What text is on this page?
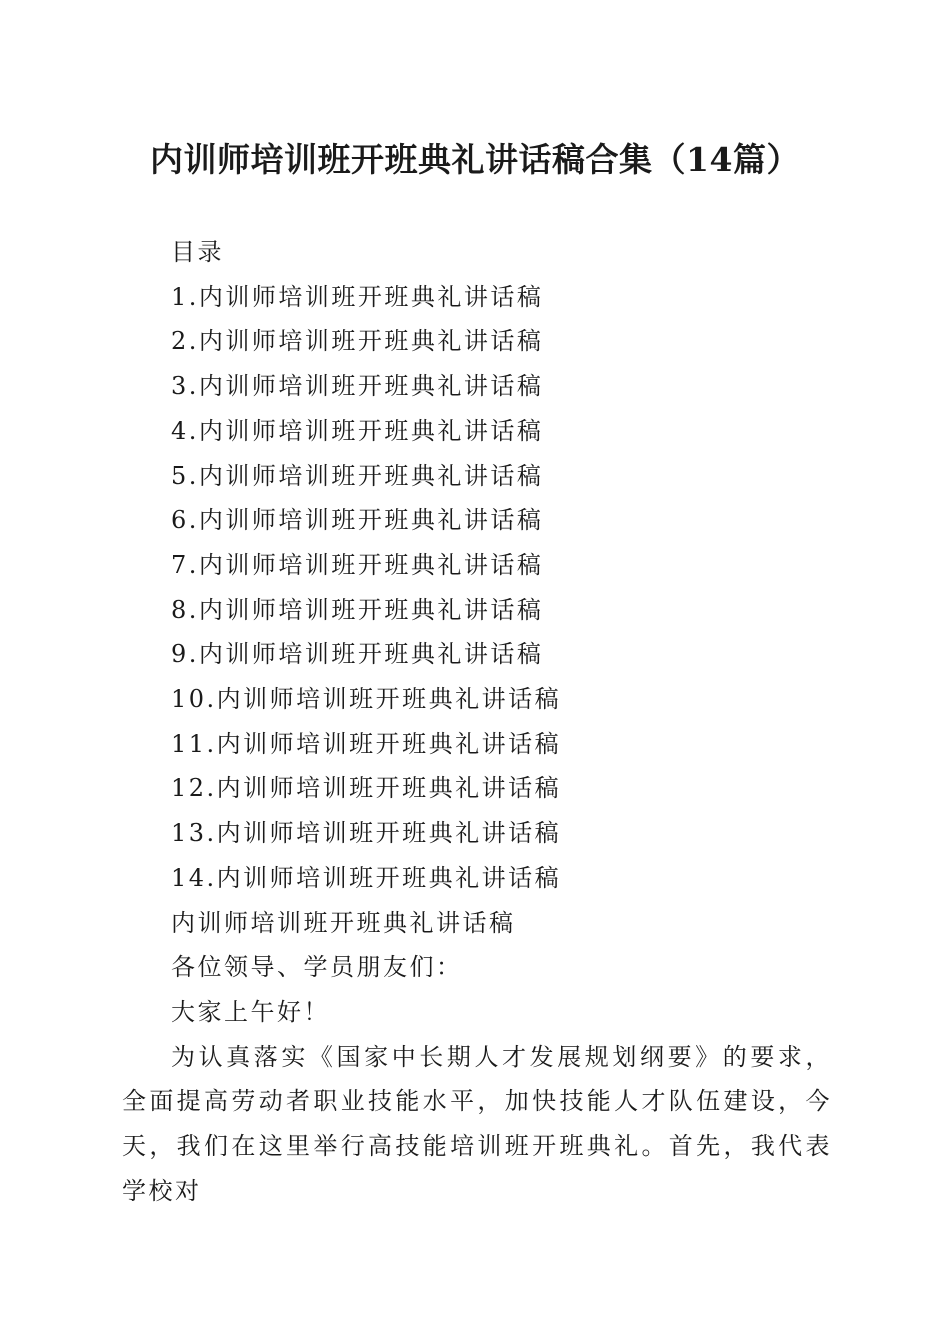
内训师培训班开班典礼讲话稿合集（14篇）

目录

1.内训师培训班开班典礼讲话稿

2.内训师培训班开班典礼讲话稿

3.内训师培训班开班典礼讲话稿

4.内训师培训班开班典礼讲话稿

5.内训师培训班开班典礼讲话稿

6.内训师培训班开班典礼讲话稿

7.内训师培训班开班典礼讲话稿

8.内训师培训班开班典礼讲话稿

9.内训师培训班开班典礼讲话稿

10.内训师培训班开班典礼讲话稿

11.内训师培训班开班典礼讲话稿

12.内训师培训班开班典礼讲话稿

13.内训师培训班开班典礼讲话稿

14.内训师培训班开班典礼讲话稿

内训师培训班开班典礼讲话稿

各位领导、学员朋友们：

大家上午好！

为认真落实《国家中长期人才发展规划纲要》的要求，全面提高劳动者职业技能水平，加快技能人才队伍建设，今天，我们在这里举行高技能培训班开班典礼。首先，我代表学校对
